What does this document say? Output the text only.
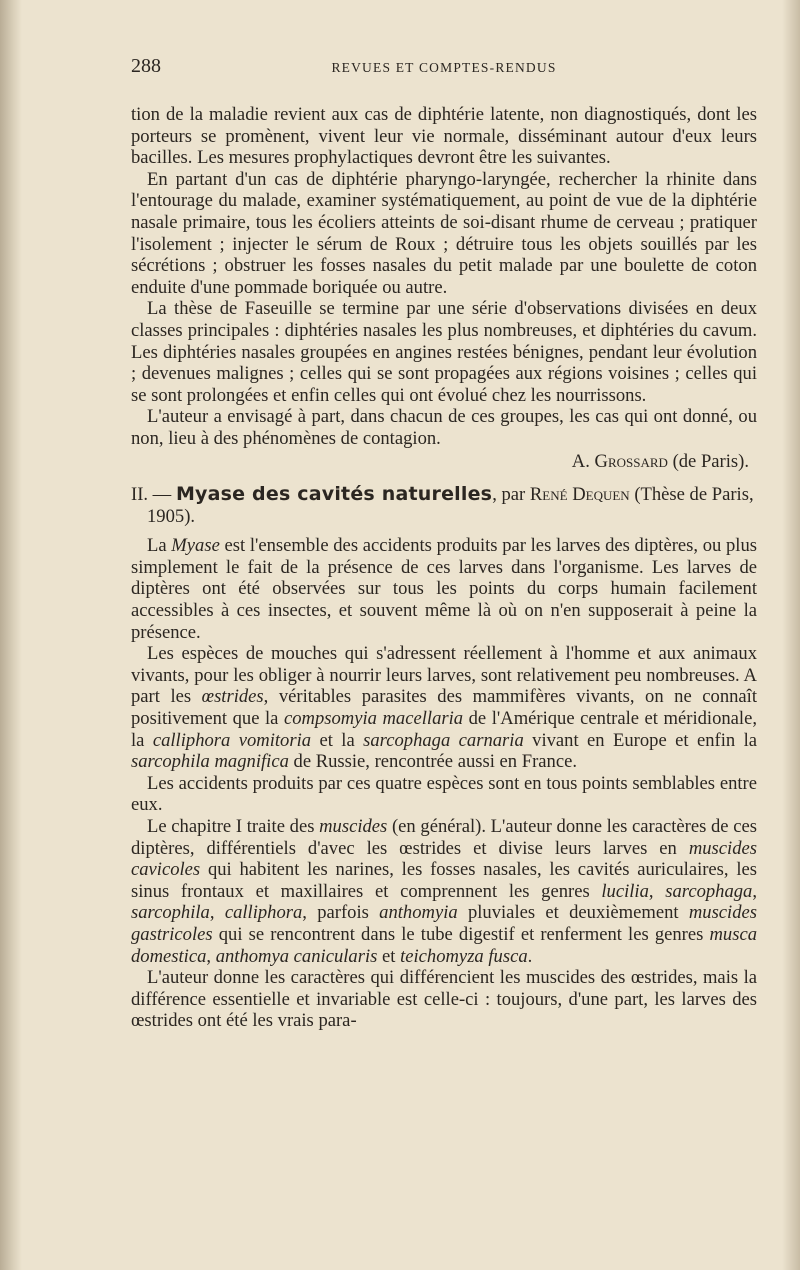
288	REVUES ET COMPTES-RENDUS

tion de la maladie revient aux cas de diphtérie latente, non diagnostiqués, dont les porteurs se promènent, vivent leur vie normale, disséminant autour d'eux leurs bacilles. Les mesures prophylactiques devront être les suivantes.

En partant d'un cas de diphtérie pharyngo-laryngée, rechercher la rhinite dans l'entourage du malade, examiner systématiquement, au point de vue de la diphtérie nasale primaire, tous les écoliers atteints de soi-disant rhume de cerveau ; pratiquer l'isolement ; injecter le sérum de Roux ; détruire tous les objets souillés par les sécrétions ; obstruer les fosses nasales du petit malade par une boulette de coton enduite d'une pommade boriquée ou autre.

La thèse de Faseuille se termine par une série d'observations divisées en deux classes principales : diphtéries nasales les plus nombreuses, et diphtéries du cavum. Les diphtéries nasales groupées en angines restées bénignes, pendant leur évolution ; devenues malignes ; celles qui se sont propagées aux régions voisines ; celles qui se sont prolongées et enfin celles qui ont évolué chez les nourrissons.

L'auteur a envisagé à part, dans chacun de ces groupes, les cas qui ont donné, ou non, lieu à des phénomènes de contagion.

A. Grossard (de Paris).

II. — Myase des cavités naturelles, par René Dequen (Thèse de Paris, 1905).

La Myase est l'ensemble des accidents produits par les larves des diptères, ou plus simplement le fait de la présence de ces larves dans l'organisme. Les larves de diptères ont été observées sur tous les points du corps humain facilement accessibles à ces insectes, et souvent même là où on n'en supposerait à peine la présence.

Les espèces de mouches qui s'adressent réellement à l'homme et aux animaux vivants, pour les obliger à nourrir leurs larves, sont relativement peu nombreuses. A part les œstrides, véritables parasites des mammifères vivants, on ne connaît positivement que la compsomyia macellaria de l'Amérique centrale et méridionale, la calliphora vomitoria et la sarcophaga carnaria vivant en Europe et enfin la sarcophila magnifica de Russie, rencontrée aussi en France.

Les accidents produits par ces quatre espèces sont en tous points semblables entre eux.

Le chapitre I traite des muscides (en général). L'auteur donne les caractères de ces diptères, différentiels d'avec les œstrides et divise leurs larves en muscides cavicoles qui habitent les narines, les fosses nasales, les cavités auriculaires, les sinus frontaux et maxillaires et comprennent les genres lucilia, sarcophaga, sarcophila, calliphora, parfois anthomyia pluviales et deuxièmement muscides gastricoles qui se rencontrent dans le tube digestif et renferment les genres musca domestica, anthomya canicularis et teichomyza fusca.

L'auteur donne les caractères qui différencient les muscides des œstrides, mais la différence essentielle et invariable est celle-ci : toujours, d'une part, les larves des œstrides ont été les vrais para-
